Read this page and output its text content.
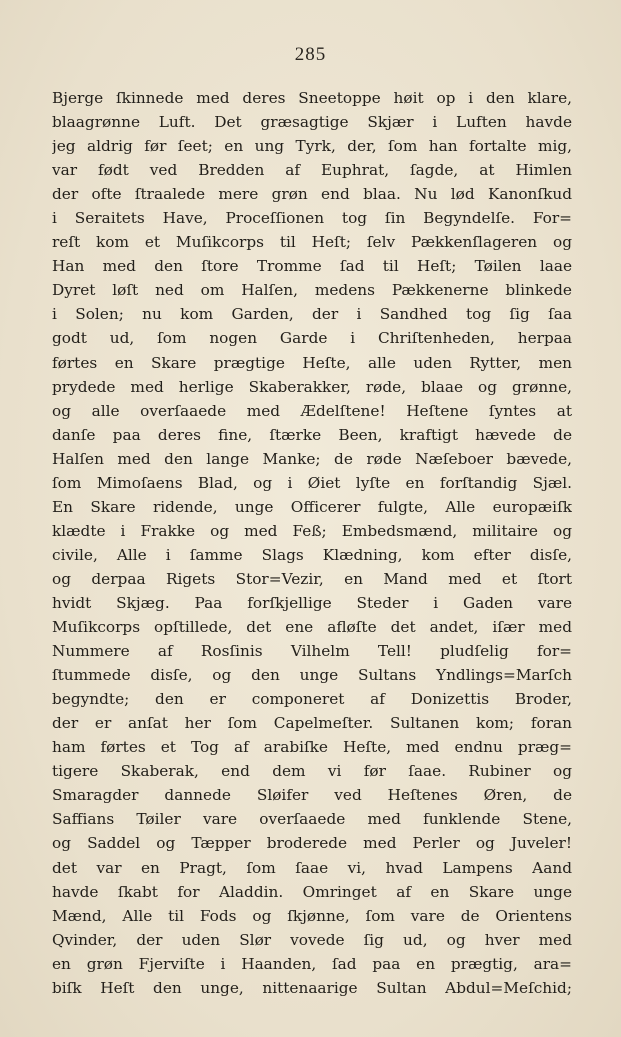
285
Bjerge ſkinnede med deres Sneetoppe høit op i den klare,
blaagrønne Luft. Det græsagtige Skjær i Luften havde
jeg aldrig før ſeet; en ung Tyrk, der, ſom han fortalte mig,
var født ved Bredden af Euphrat, ſagde, at Himlen
der ofte ſtraalede mere grøn end blaa. Nu lød Kanonſkud
i Seraitets Have, Proceſſionen tog ſin Begyndelſe. For=
reſt kom et Muſikcorps til Heſt; ſelv Pækkenſlageren og
Han med den ſtore Tromme ſad til Heſt; Tøilen laae
Dyret løſt ned om Halſen, medens Pækkenerne blinkede
i Solen; nu kom Garden, der i Sandhed tog ſig ſaa
godt ud, ſom nogen Garde i Chriſtenheden, herpaa
førtes en Skare prægtige Heſte, alle uden Rytter, men
prydede med herlige Skaberakker, røde, blaae og grønne,
og alle overſaaede med Ædelſtene! Heſtene ſyntes at
danſe paa deres fine, ſtærke Been, kraftigt hævede de
Halſen med den lange Manke; de røde Næſeboer bævede,
ſom Mimoſaens Blad, og i Øiet lyſte en forſtandig Sjæl.
En Skare ridende, unge Officerer fulgte, Alle europæiſk
klædte i Frakke og med Feß; Embedsmænd, militaire og
civile, Alle i ſamme Slags Klædning, kom efter disſe,
og derpaa Rigets Stor=Vezir, en Mand med et ſtort
hvidt Skjæg. Paa forſkjellige Steder i Gaden vare
Muſikcorps opſtillede, det ene afløſte det andet, iſær med
Nummere af Rosſinis Vilhelm Tell! pludſelig for=
ſtummede disſe, og den unge Sultans Yndlings=Marſch
begyndte; den er componeret af Donizettis Broder,
der er anſat her ſom Capelmeſter. Sultanen kom; foran
ham førtes et Tog af arabiſke Heſte, med endnu præg=
tigere Skaberak, end dem vi før ſaae. Rubiner og
Smaragder dannede Sløifer ved Heſtenes Øren, de
Saffians Tøiler vare overſaaede med funklende Stene,
og Saddel og Tæpper broderede med Perler og Juveler!
det var en Pragt, ſom ſaae vi, hvad Lampens Aand
havde ſkabt for Aladdin. Omringet af en Skare unge
Mænd, Alle til Fods og ſkjønne, ſom vare de Orientens
Qvinder, der uden Slør vovede ſig ud, og hver med
en grøn Fjerviſte i Haanden, ſad paa en prægtig, ara=
biſk Heſt den unge, nittenaarige Sultan Abdul=Meſchid;
